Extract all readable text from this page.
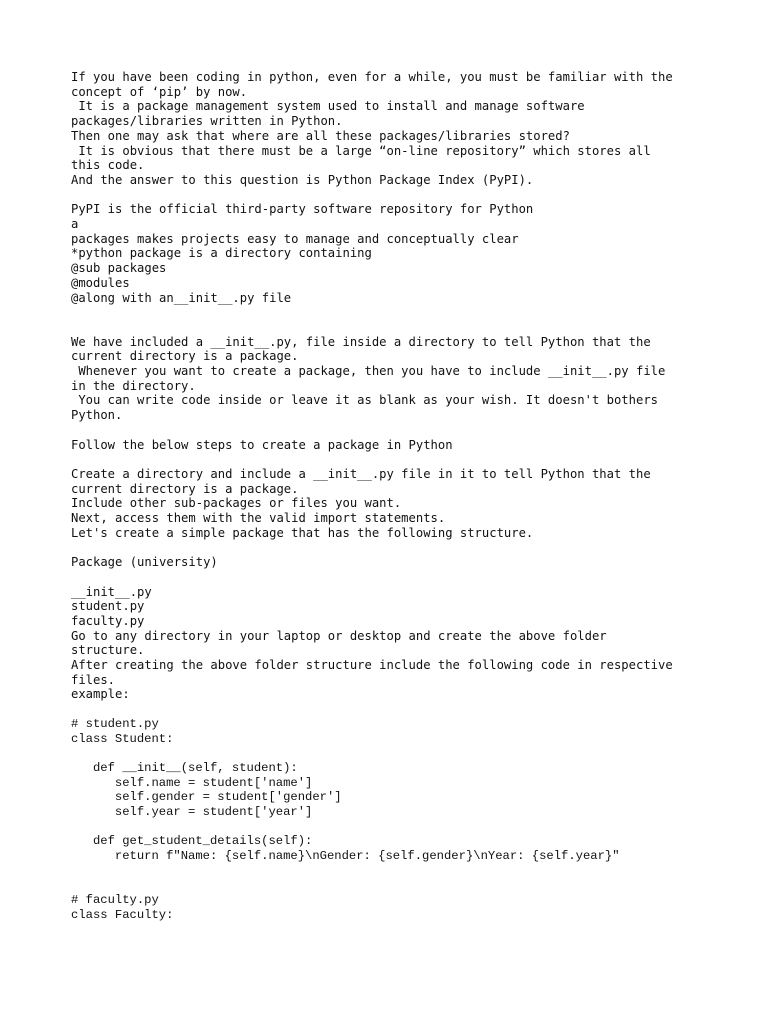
If you have been coding in python, even for a while, you must be familiar with the
concept of ‘pip’ by now.
It is a package management system used to install and manage software
packages/libraries written in Python.
Then one may ask that where are all these packages/libraries stored?
It is obvious that there must be a large “on-line repository” which stores all
this code.
And the answer to this question is Python Package Index (PyPI).
PyPI is the official third-party software repository for Python
a
packages makes projects easy to manage and conceptually clear
*python package is a directory containing
@sub packages
@modules
@along with an__init__.py file
We have included a __init__.py, file inside a directory to tell Python that the
current directory is a package.
Whenever you want to create a package, then you have to include __init__.py file
in the directory.
You can write code inside or leave it as blank as your wish. It doesn't bothers
Python.
Follow the below steps to create a package in Python
Create a directory and include a __init__.py file in it to tell Python that the
current directory is a package.
Include other sub-packages or files you want.
Next, access them with the valid import statements.
Let's create a simple package that has the following structure.
Package (university)
__init__.py
student.py
faculty.py
Go to any directory in your laptop or desktop and create the above folder
structure.
After creating the above folder structure include the following code in respective
files.
example:
# student.py
class Student:
def __init__(self, student):
self.name = student['name']
self.gender = student['gender']
self.year = student['year']
def get_student_details(self):
return f"Name: {self.name}\nGender: {self.gender}\nYear: {self.year}"
# faculty.py
class Faculty:
